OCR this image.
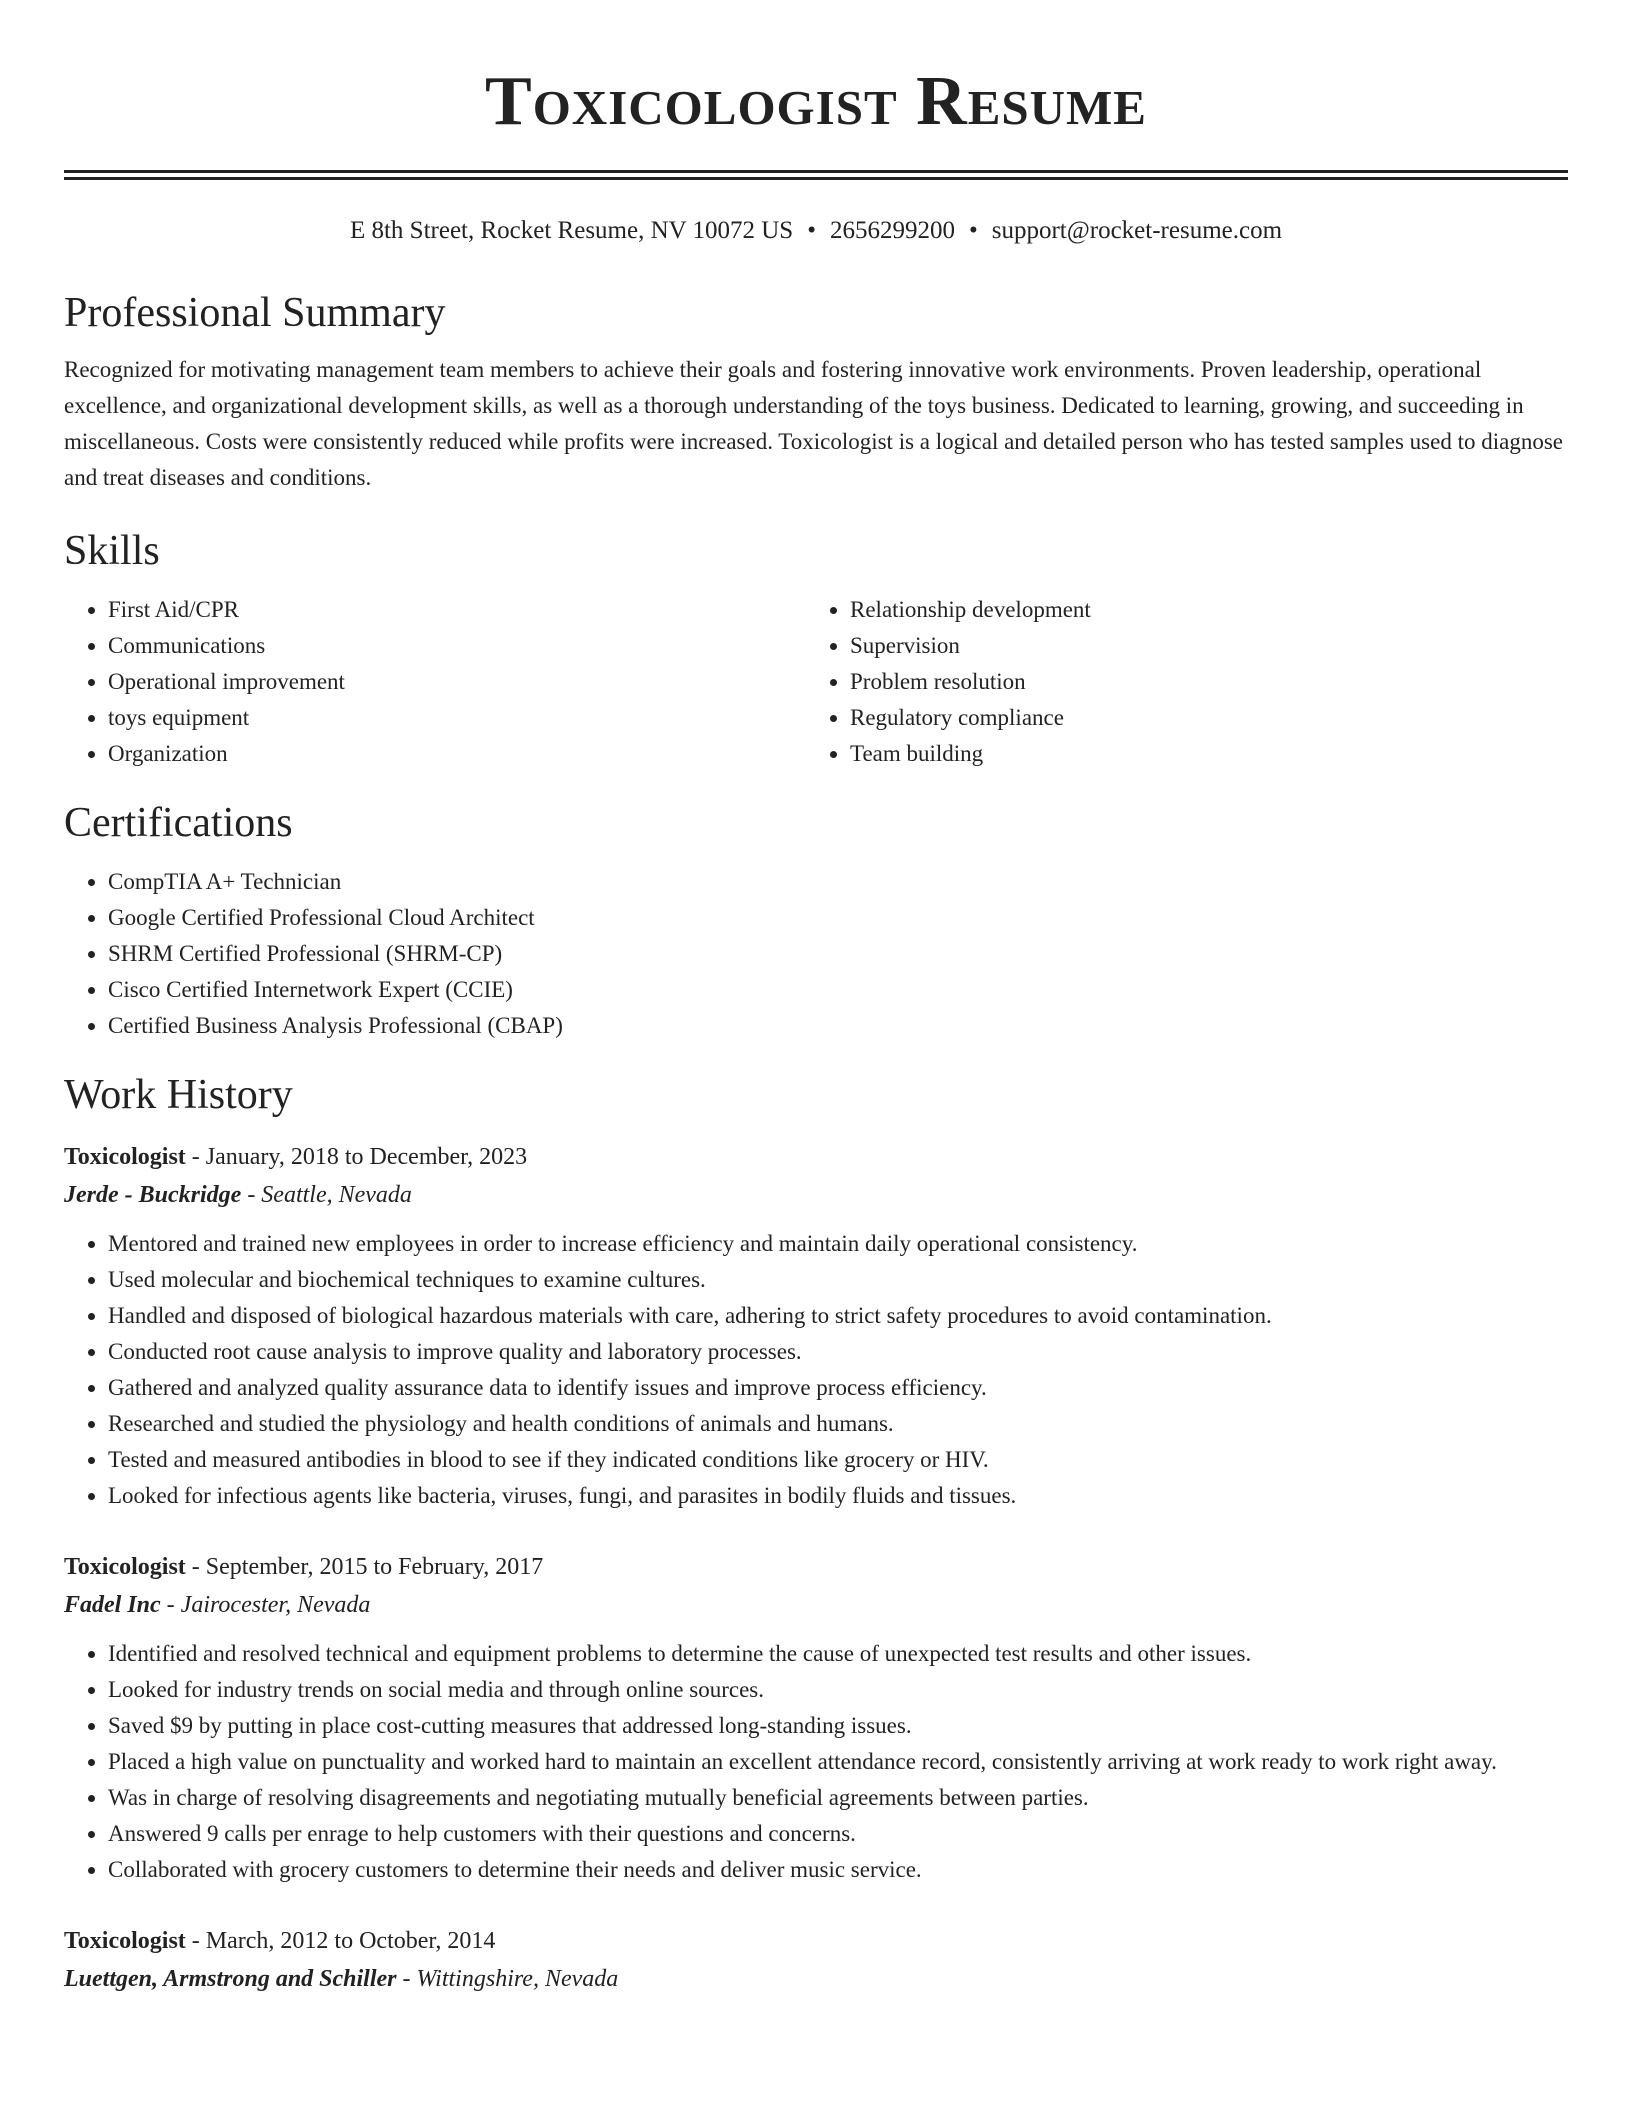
Toxicologist Resume
E 8th Street, Rocket Resume, NV 10072 US • 2656299200 • support@rocket-resume.com
Professional Summary
Recognized for motivating management team members to achieve their goals and fostering innovative work environments. Proven leadership, operational excellence, and organizational development skills, as well as a thorough understanding of the toys business. Dedicated to learning, growing, and succeeding in miscellaneous. Costs were consistently reduced while profits were increased. Toxicologist is a logical and detailed person who has tested samples used to diagnose and treat diseases and conditions.
Skills
• First Aid/CPR
• Communications
• Operational improvement
• toys equipment
• Organization
• Relationship development
• Supervision
• Problem resolution
• Regulatory compliance
• Team building
Certifications
• CompTIA A+ Technician
• Google Certified Professional Cloud Architect
• SHRM Certified Professional (SHRM-CP)
• Cisco Certified Internetwork Expert (CCIE)
• Certified Business Analysis Professional (CBAP)
Work History
Toxicologist - January, 2018 to December, 2023
Jerde - Buckridge - Seattle, Nevada
• Mentored and trained new employees in order to increase efficiency and maintain daily operational consistency.
• Used molecular and biochemical techniques to examine cultures.
• Handled and disposed of biological hazardous materials with care, adhering to strict safety procedures to avoid contamination.
• Conducted root cause analysis to improve quality and laboratory processes.
• Gathered and analyzed quality assurance data to identify issues and improve process efficiency.
• Researched and studied the physiology and health conditions of animals and humans.
• Tested and measured antibodies in blood to see if they indicated conditions like grocery or HIV.
• Looked for infectious agents like bacteria, viruses, fungi, and parasites in bodily fluids and tissues.
Toxicologist - September, 2015 to February, 2017
Fadel Inc - Jairocester, Nevada
• Identified and resolved technical and equipment problems to determine the cause of unexpected test results and other issues.
• Looked for industry trends on social media and through online sources.
• Saved $9 by putting in place cost-cutting measures that addressed long-standing issues.
• Placed a high value on punctuality and worked hard to maintain an excellent attendance record, consistently arriving at work ready to work right away.
• Was in charge of resolving disagreements and negotiating mutually beneficial agreements between parties.
• Answered 9 calls per enrage to help customers with their questions and concerns.
• Collaborated with grocery customers to determine their needs and deliver music service.
Toxicologist - March, 2012 to October, 2014
Luettgen, Armstrong and Schiller - Wittingshire, Nevada
